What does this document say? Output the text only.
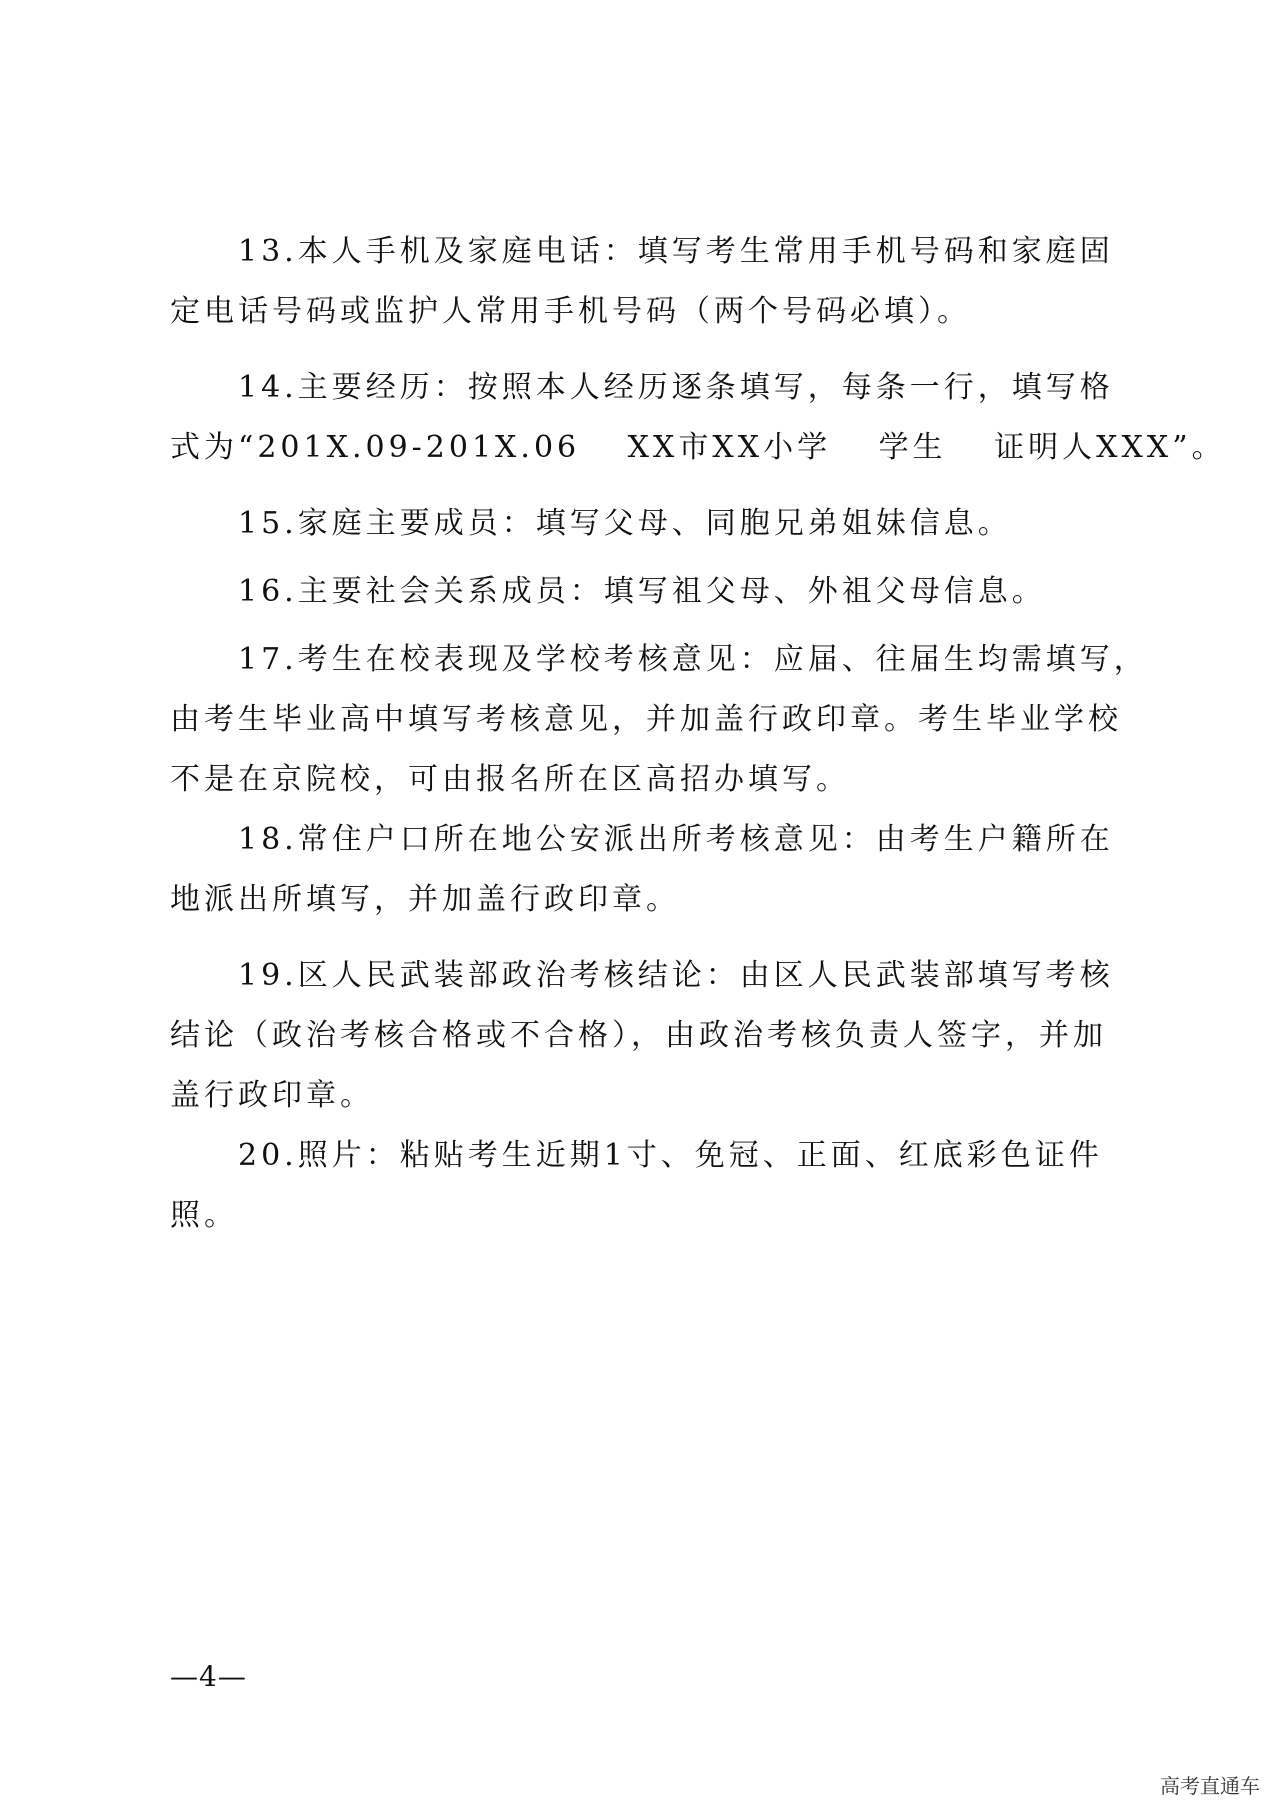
13.本人手机及家庭电话：填写考生常用手机号码和家庭固
定电话号码或监护人常用手机号码（两个号码必填）。
14.主要经历：按照本人经历逐条填写，每条一行，填写格
式为“201X.09-201X.06　 XX市XX小学　 学生　 证明人XXX”。
15.家庭主要成员：填写父母、同胞兄弟姐妹信息。
16.主要社会关系成员：填写祖父母、外祖父母信息。
17.考生在校表现及学校考核意见：应届、往届生均需填写，
由考生毕业高中填写考核意见，并加盖行政印章。考生毕业学校
不是在京院校，可由报名所在区高招办填写。
18.常住户口所在地公安派出所考核意见：由考生户籍所在
地派出所填写，并加盖行政印章。
19.区人民武装部政治考核结论：由区人民武装部填写考核
结论（政治考核合格或不合格），由政治考核负责人签字，并加
盖行政印章。
20.照片：粘贴考生近期1寸、免冠、正面、红底彩色证件
照。
—4—
高考直通车
